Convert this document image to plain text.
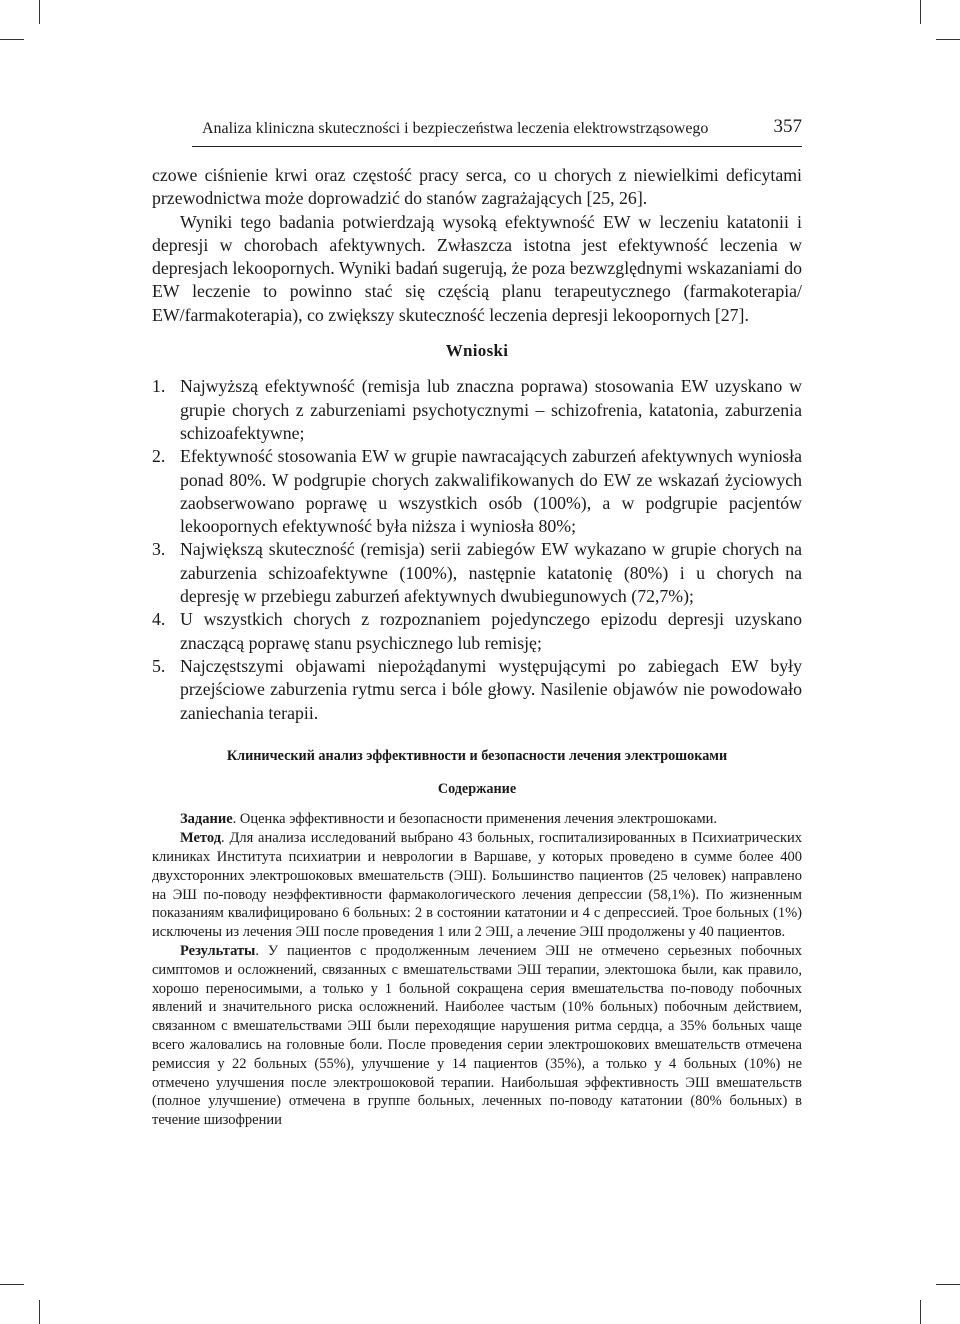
Analiza kliniczna skuteczności i bezpieczeństwa leczenia elektrowstrząsowego	357

czowe ciśnienie krwi oraz częstość pracy serca, co u chorych z niewielkimi deficytami przewodnictwa może doprowadzić do stanów zagrażających [25, 26].

Wyniki tego badania potwierdzają wysoką efektywność EW w leczeniu katatonii i depresji w chorobach afektywnych. Zwłaszcza istotna jest efektywność leczenia w depresjach lekoopornych. Wyniki badań sugerują, że poza bezwzględnymi wskazaniami do EW leczenie to powinno stać się częścią planu terapeutycznego (farmakoterapia/ EW/farmakoterapia), co zwiększy skuteczność leczenia depresji lekoopornych [27].

Wnioski
1. Najwyższą efektywność (remisja lub znaczna poprawa) stosowania EW uzyskano w grupie chorych z zaburzeniami psychotycznymi – schizofrenia, katatonia, zaburzenia schizoafektywne;
2. Efektywność stosowania EW w grupie nawracających zaburzeń afektywnych wyniosła ponad 80%. W podgrupie chorych zakwalifikowanych do EW ze wskazań życiowych zaobserwowano poprawę u wszystkich osób (100%), a w podgrupie pacjentów lekoopornych efektywność była niższa i wyniosła 80%;
3. Największą skuteczność (remisja) serii zabiegów EW wykazano w grupie chorych na zaburzenia schizoafektywne (100%), następnie katatonię (80%) i u chorych na depresję w przebiegu zaburzeń afektywnych dwubiegunowych (72,7%);
4. U wszystkich chorych z rozpoznaniem pojedynczego epizodu depresji uzyskano znaczącą poprawę stanu psychicznego lub remisję;
5. Najczęstszymi objawami niepożądanymi występującymi po zabiegach EW były przejściowe zaburzenia rytmu serca i bóle głowy. Nasilenie objawów nie powodowało zaniechania terapii.
Клинический анализ эффективности и безопасности лечения электрошоками
Содержание

Задание. Оценка эффективности и безопасности применения лечения электрошоками.

Метод. Для анализа исследований выбрано 43 больных, госпитализированных в Психиатрических клиниках Института психиатрии и неврологии в Варшаве, у которых проведено в сумме более 400 двухсторонних электрошоковых вмешательств (ЭШ). Большинство пациентов (25 человек) направлено на ЭШ по-поводу неэффективности фармакологического лечения депрессии (58,1%). По жизненным показаниям квалифицировано 6 больных: 2 в состоянии кататонии и 4 с депрессией. Трое больных (1%) исключены из лечения ЭШ после проведения 1 или 2 ЭШ, а лечение ЭШ продолжены у 40 пациентов.

Результаты. У пациентов с продолженным лечением ЭШ не отмечено серьезных побочных симптомов и осложнений, связанных с вмешательствами ЭШ терапии, электошока были, как правило, хорошо переносимыми, а только у 1 больной сокращена серия вмешательства по-поводу побочных явлений и значительного риска осложнений. Наиболее частым (10% больных) побочным действием, связанном с вмешательствами ЭШ были переходящие нарушения ритма сердца, а 35% больных чаще всего жаловались на головные боли. После проведения серии электрошокових вмешательств отмечена ремиссия у 22 больных (55%), улучшение у 14 пациентов (35%), а только у 4 больных (10%) не отмечено улучшения после электрошоковой терапии. Наибольшая эффективность ЭШ вмешательств (полное улучшение) отмечена в группе больных, леченных по-поводу кататонии (80% больных) в течение шизофрении
